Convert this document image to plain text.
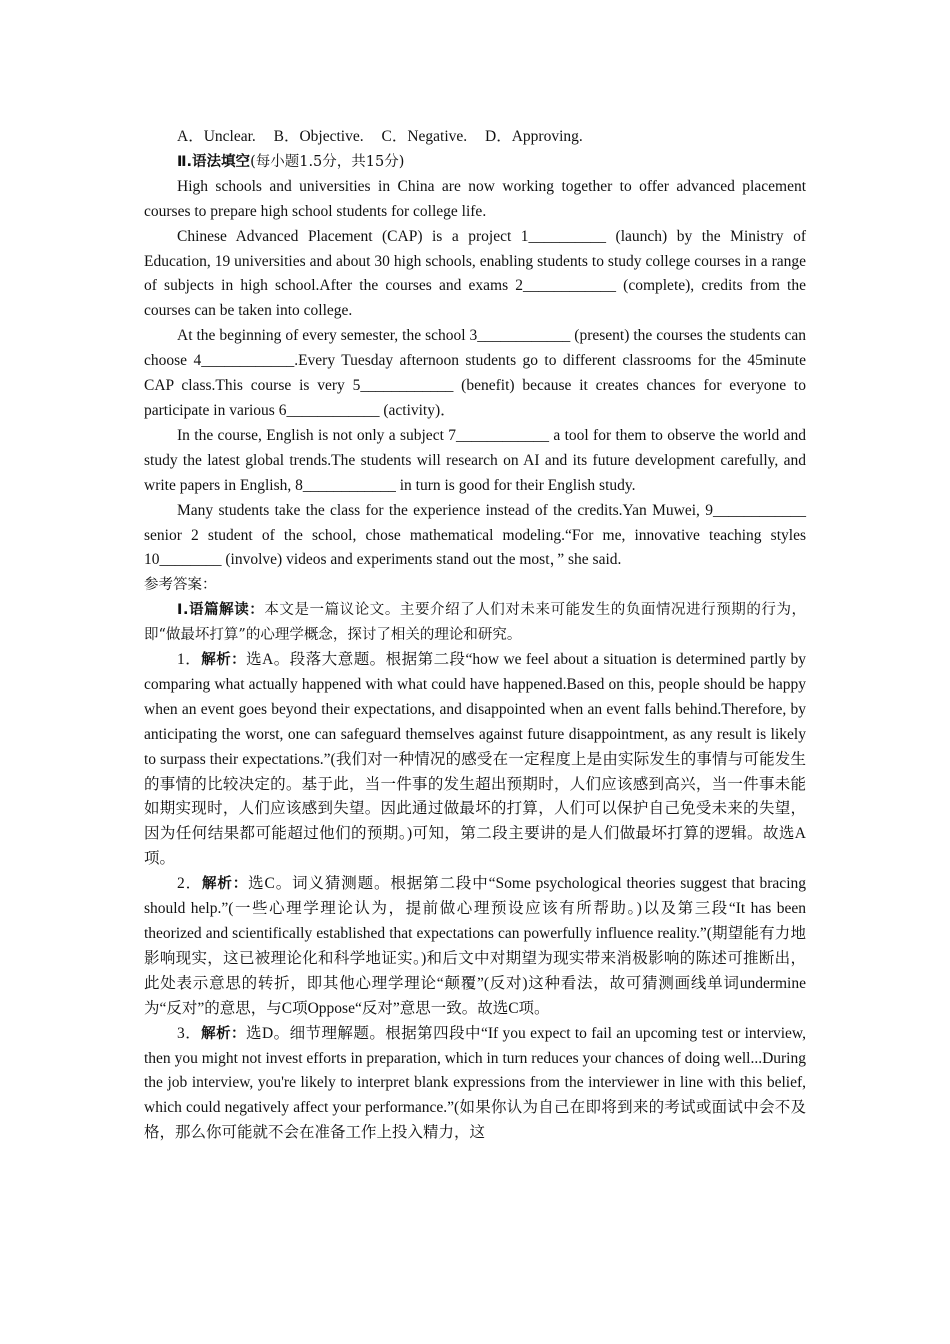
A．Unclear. B．Objective. C．Negative. D．Approving.

Ⅱ.语法填空(每小题1.5分，共15分)

High schools and universities in China are now working together to offer advanced placement courses to prepare high school students for college life.

Chinese Advanced Placement (CAP) is a project 1__________ (launch) by the Ministry of Education, 19 universities and about 30 high schools, enabling students to study college courses in a range of subjects in high school.After the courses and exams 2____________ (complete), credits from the courses can be taken into college.

At the beginning of every semester, the school 3____________ (present) the courses the students can choose 4____________.Every Tuesday afternoon students go to different classrooms for the 45minute CAP class.This course is very 5____________ (benefit) because it creates chances for everyone to participate in various 6____________ (activity)．

In the course, English is not only a subject 7____________ a tool for them to observe the world and study the latest global trends.The students will research on AI and its future development carefully, and write papers in English, 8____________ in turn is good for their English study.

Many students take the class for the experience instead of the credits.Yan Muwei, 9____________ senior 2 student of the school, chose mathematical modeling.“For me, innovative teaching styles 10________ (involve) videos and experiments stand out the most，” she said.

参考答案：

Ⅰ.语篇解读：本文是一篇议论文。主要介绍了人们对未来可能发生的负面情况进行预期的行为，即“做最坏打算”的心理学概念，探讨了相关的理论和研究。

1．解析：选A。段落大意题。根据第二段“how we feel about a situation is determined partly by comparing what actually happened with what could have happened.Based on this, people should be happy when an event goes beyond their expectations, and disappointed when an event falls behind.Therefore, by anticipating the worst, one can safeguard themselves against future disappointment, as any result is likely to surpass their expectations.”(我们对一种情况的感受在一定程度上是由实际发生的事情与可能发生的事情的比较决定的。基于此，当一件事的发生超出预期时，人们应该感到高兴，当一件事未能如期实现时，人们应该感到失望。因此通过做最坏的打算，人们可以保护自己免受未来的失望，因为任何结果都可能超过他们的预期。)可知，第二段主要讲的是人们做最坏打算的逻辑。故选A项。

2．解析：选C。词义猜测题。根据第二段中“Some psychological theories suggest that bracing should help.”(一些心理学理论认为，提前做心理预设应该有所帮助。)以及第三段“It has been theorized and scientifically established that expectations can powerfully influence reality.”(期望能有力地影响现实，这已被理论化和科学地证实。)和后文中对期望为现实带来消极影响的陈述可推断出，此处表示意思的转折，即其他心理学理论“颠覆”(反对)这种看法，故可猜测画线单词undermine为“反对”的意思，与C项Oppose“反对”意思一致。故选C项。

3．解析：选D。细节理解题。根据第四段中“If you expect to fail an upcoming test or interview, then you might not invest efforts in preparation, which in turn reduces your chances of doing well...During the job interview, you're likely to interpret blank expressions from the interviewer in line with this belief, which could negatively affect your performance.”(如果你认为自己在即将到来的考试或面试中会不及格，那么你可能就不会在准备工作上投入精力，这
